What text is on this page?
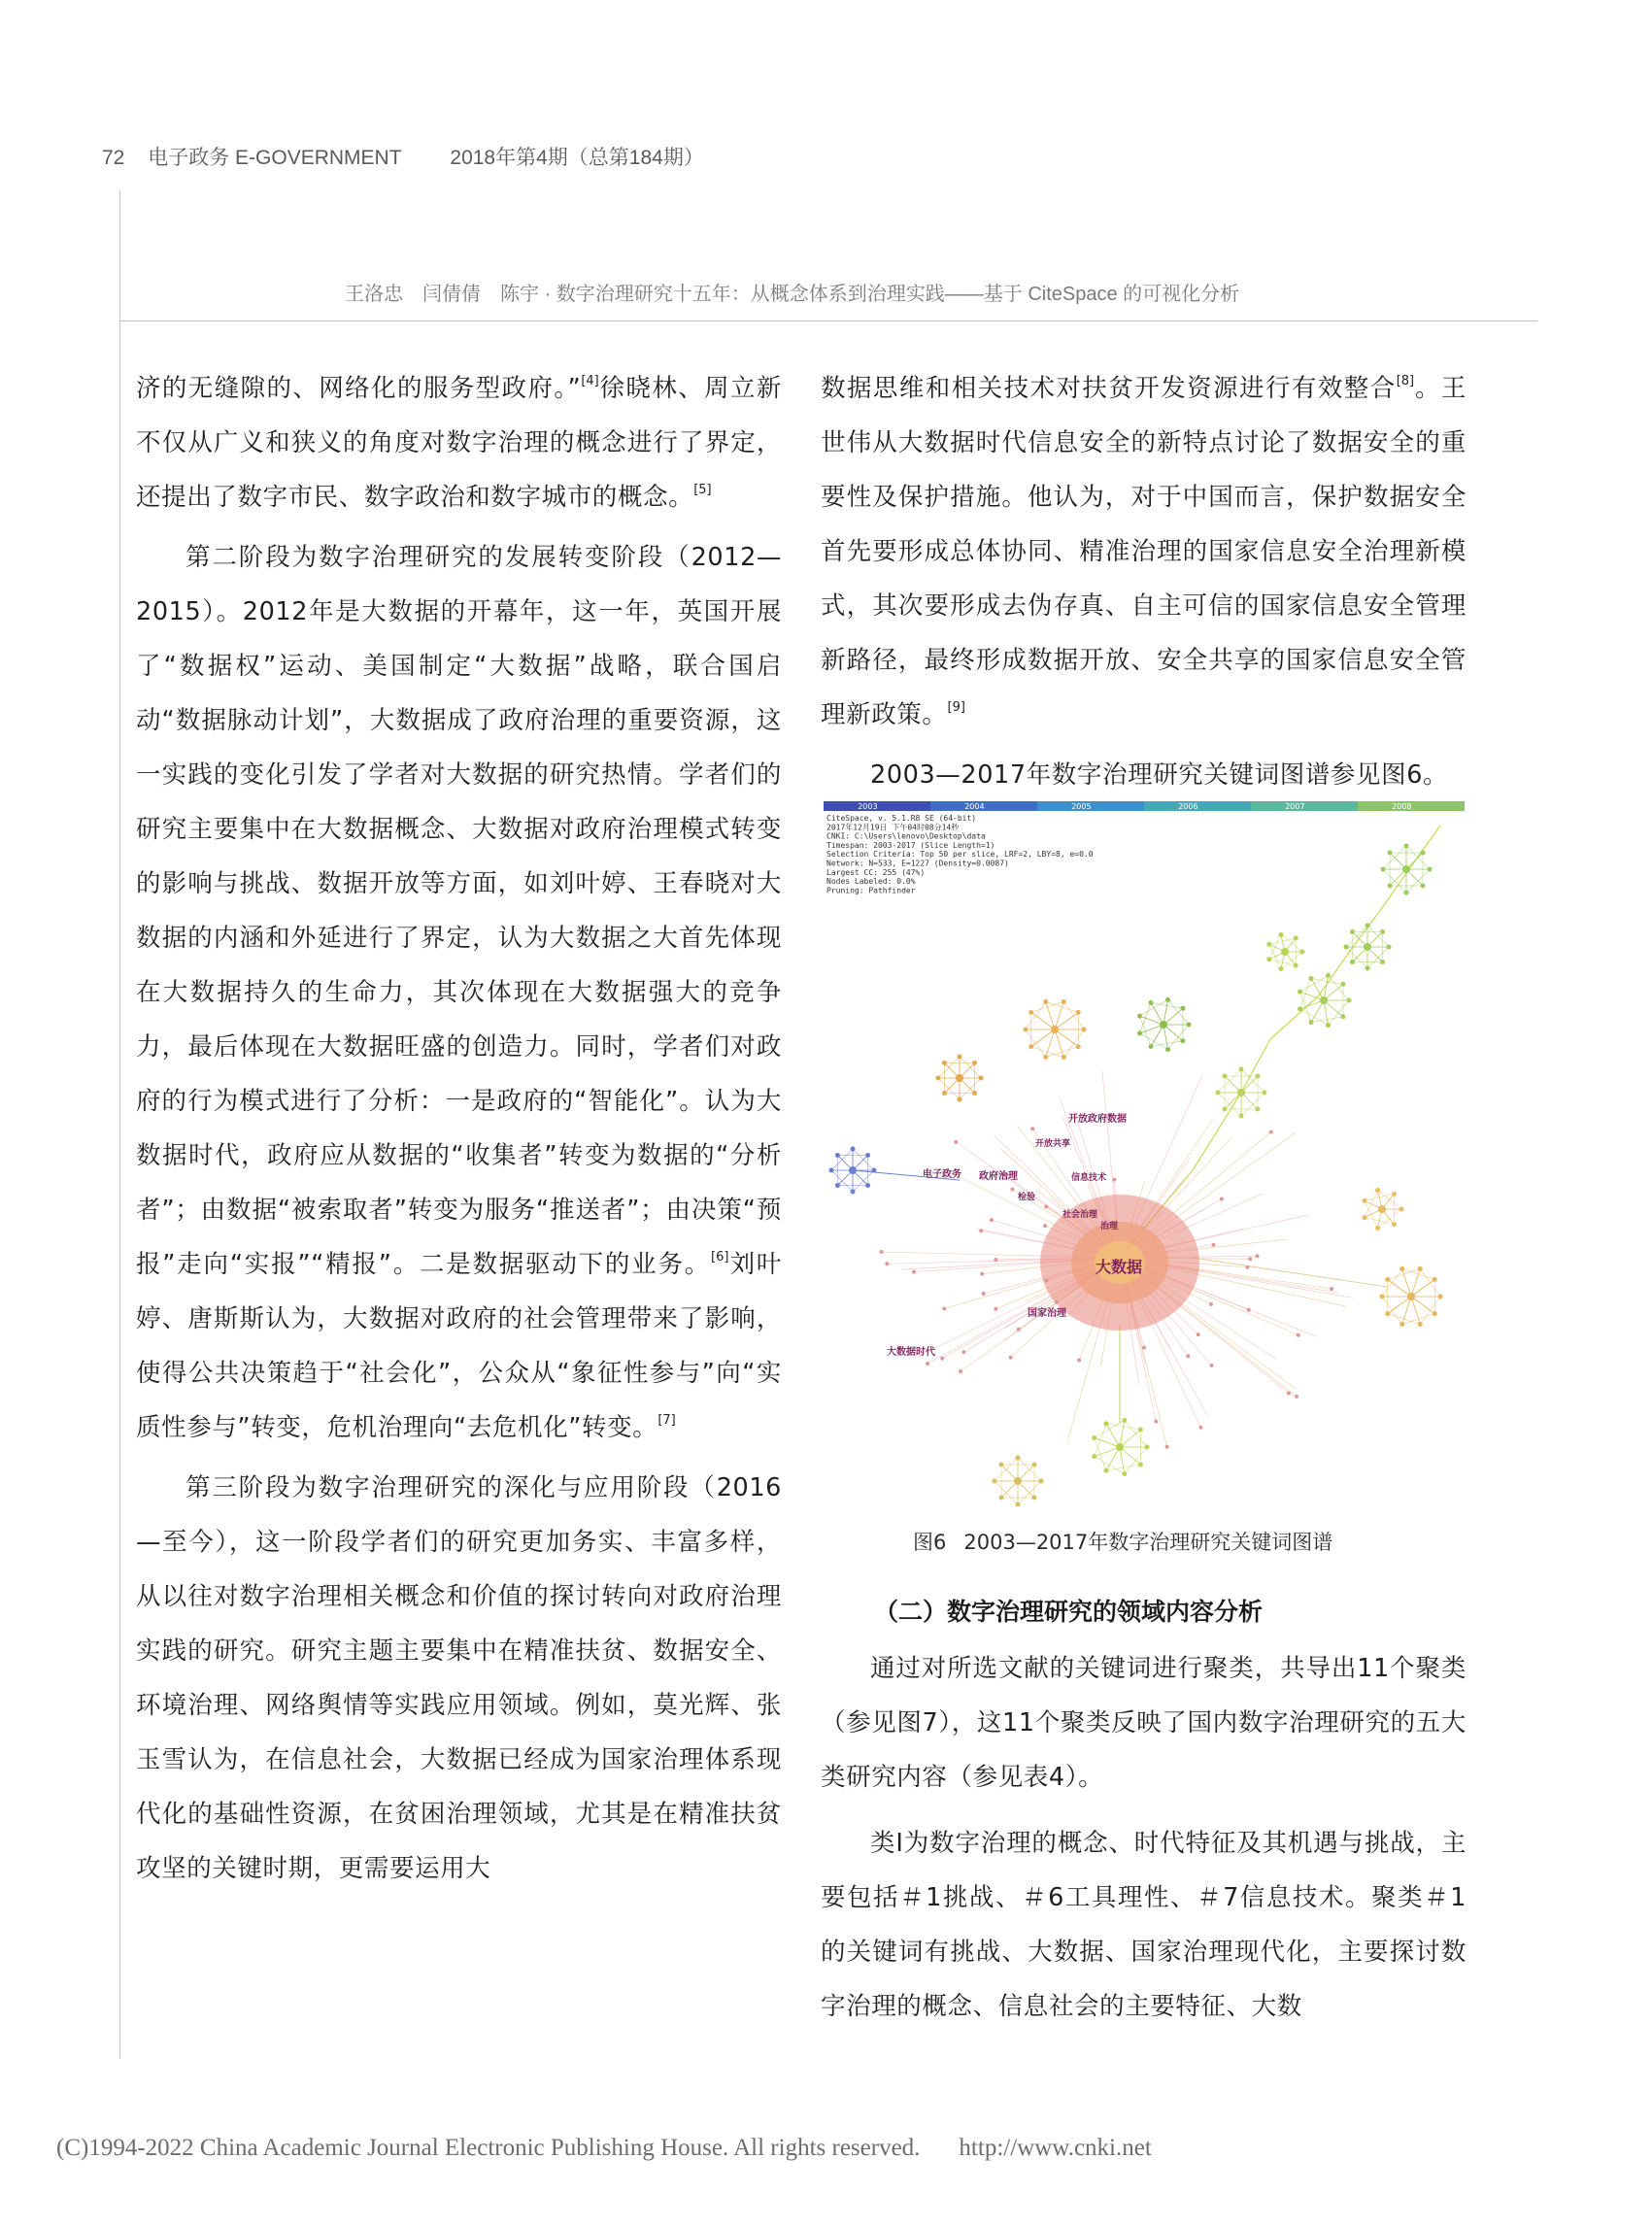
72 电子政务 E-GOVERNMENT 2018年第4期（总第184期）
王洛忠　闫倩倩　陈宇 · 数字治理研究十五年：从概念体系到治理实践——基于 CiteSpace 的可视化分析

济的无缝隙的、网络化的服务型政府。”[4]徐晓林、周立新不仅从广义和狭义的角度对数字治理的概念进行了界定，还提出了数字市民、数字政治和数字城市的概念。[5]

第二阶段为数字治理研究的发展转变阶段（2012—2015）。2012年是大数据的开幕年，这一年，英国开展了“数据权”运动、美国制定“大数据”战略，联合国启动“数据脉动计划”，大数据成了政府治理的重要资源，这一实践的变化引发了学者对大数据的研究热情。学者们的研究主要集中在大数据概念、大数据对政府治理模式转变的影响与挑战、数据开放等方面，如刘叶婷、王春晓对大数据的内涵和外延进行了界定，认为大数据之大首先体现在大数据持久的生命力，其次体现在大数据强大的竞争力，最后体现在大数据旺盛的创造力。同时，学者们对政府的行为模式进行了分析：一是政府的“智能化”。认为大数据时代，政府应从数据的“收集者”转变为数据的“分析者”；由数据“被索取者”转变为服务“推送者”；由决策“预报”走向“实报”“精报”。二是数据驱动下的业务。[6]刘叶婷、唐斯斯认为，大数据对政府的社会管理带来了影响，使得公共决策趋于“社会化”，公众从“象征性参与”向“实质性参与”转变，危机治理向“去危机化”转变。[7]

第三阶段为数字治理研究的深化与应用阶段（2016—至今），这一阶段学者们的研究更加务实、丰富多样，从以往对数字治理相关概念和价值的探讨转向对政府治理实践的研究。研究主题主要集中在精准扶贫、数据安全、环境治理、网络舆情等实践应用领域。例如，莫光辉、张玉雪认为，在信息社会，大数据已经成为国家治理体系现代化的基础性资源，在贫困治理领域，尤其是在精准扶贫攻坚的关键时期，更需要运用大

数据思维和相关技术对扶贫开发资源进行有效整合[8]。王世伟从大数据时代信息安全的新特点讨论了数据安全的重要性及保护措施。他认为，对于中国而言，保护数据安全首先要形成总体协同、精准治理的国家信息安全治理新模式，其次要形成去伪存真、自主可信的国家信息安全管理新路径，最终形成数据开放、安全共享的国家信息安全管理新政策。[9]

2003—2017年数字治理研究关键词图谱参见图6。

2003	2004	2005	2006	2007	2008
CiteSpace, v. 5.1.R8 SE (64-bit)
2017年12月19日 下午04时08分14秒
CNKI: C:\Users\lenovo\Desktop\data
Timespan: 2003-2017 (Slice Length=1)
Selection Criteria: Top 50 per slice, LRF=2, LBY=8, e=0.0
Network: N=533, E=1227 (Density=0.0087)
Largest CC: 255 (47%)
Nodes Labeled: 0.0%
Pruning: Pathfinder
大数据
电子政务 政府治理
开放政府数据
国家治理
大数据时代
社会治理
开放共享
信息技术
治理
检验
图6 2003—2017年数字治理研究关键词图谱
（二）数字治理研究的领域内容分析

通过对所选文献的关键词进行聚类，共导出11个聚类（参见图7），这11个聚类反映了国内数字治理研究的五大类研究内容（参见表4）。

类I为数字治理的概念、时代特征及其机遇与挑战，主要包括＃1挑战、＃6工具理性、＃7信息技术。聚类＃1的关键词有挑战、大数据、国家治理现代化，主要探讨数字治理的概念、信息社会的主要特征、大数

(C)1994-2022 China Academic Journal Electronic Publishing House. All rights reserved. http://www.cnki.net
